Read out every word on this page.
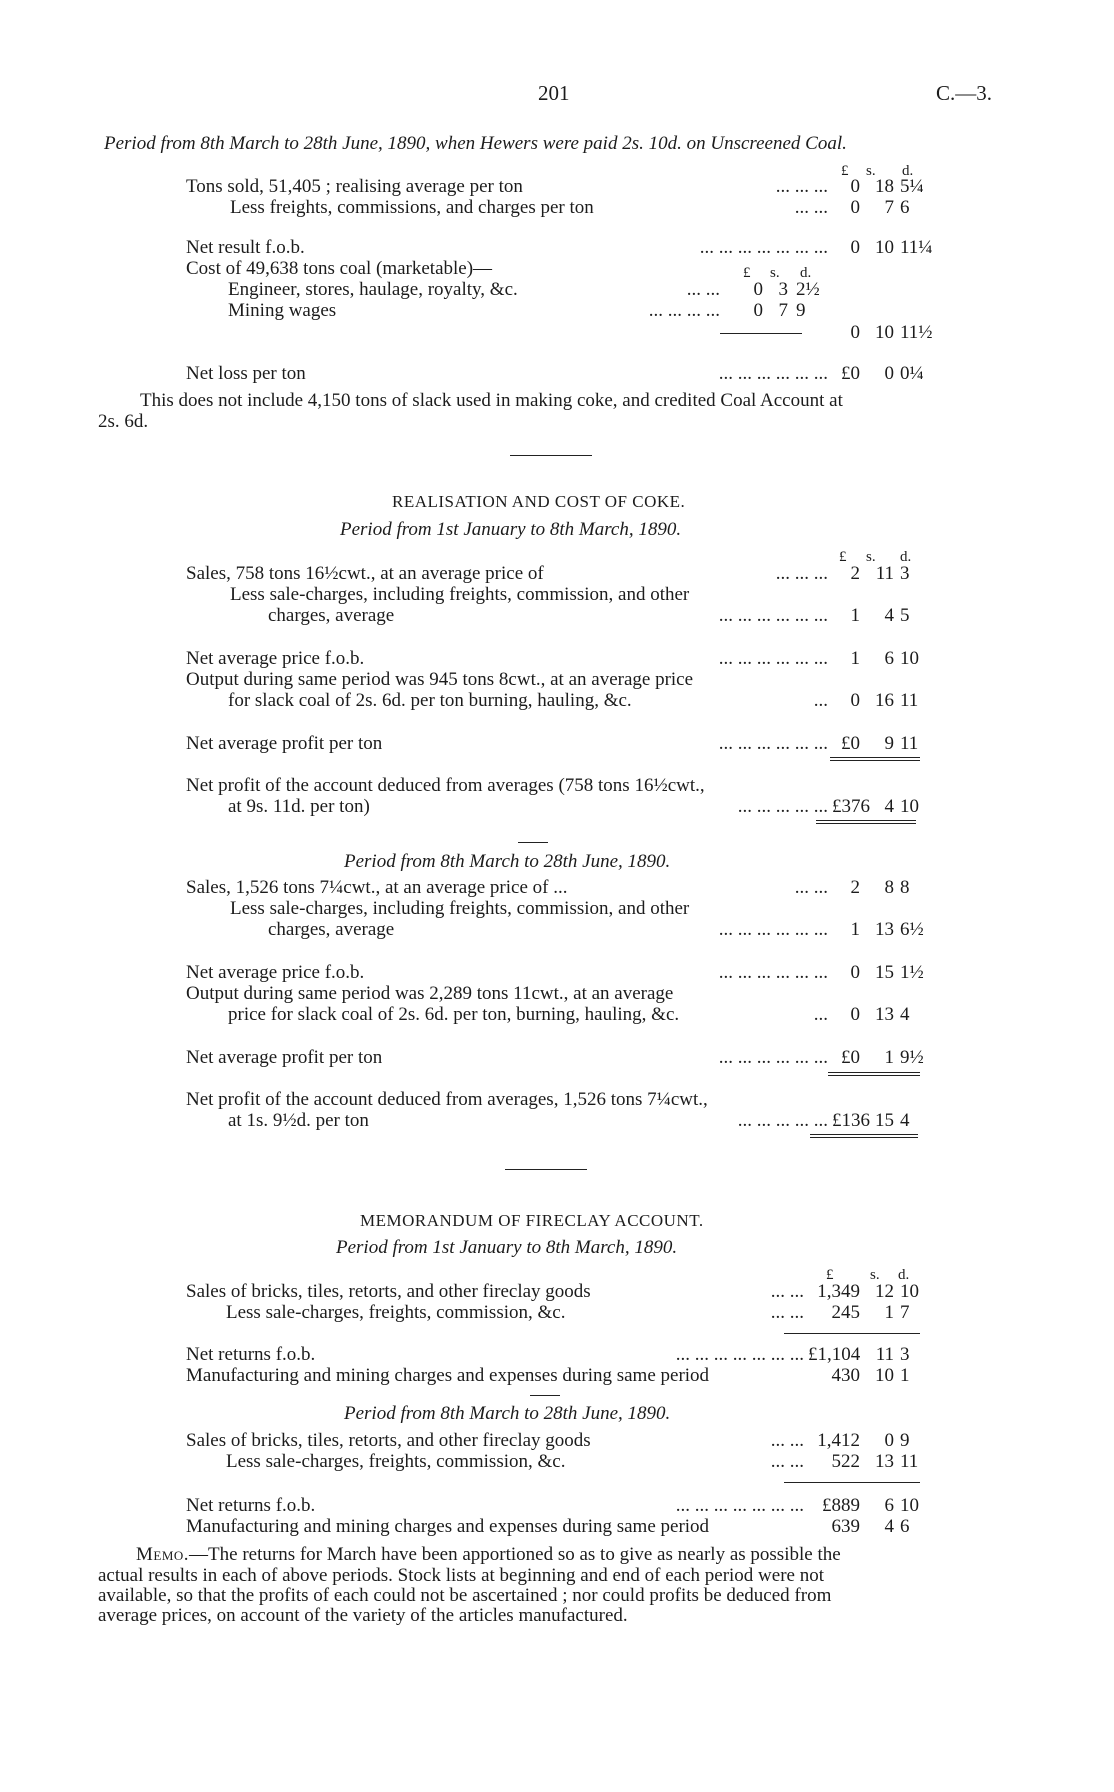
201	C.—3.
Period from 8th March to 28th June, 1890, when Hewers were paid 2s. 10d. on Unscreened Coal.
£ s. d.
Tons sold, 51,405 ; realising average per ton	... ... ...	0 18 5¼
Less freights, commissions, and charges per ton	... ...	0	7 6
Net result f.o.b.	... ... ... ... ... ... ...	0 10 11¼
Cost of 49,638 tons coal (marketable)—
Engineer, stores, haulage, royalty, &c.	... ...	0 3 2½
Mining wages	... ... ... ...	0 7 9
0 10 11½
Net loss per ton	... ... ... ... ... ... £0	0 0¼
£ s. d.
This does not include 4,150 tons of slack used in making coke, and credited Coal Account at
2s. 6d.
REALISATION AND COST OF COKE.
Period from 1st January to 8th March, 1890.
£ s. d.
Sales, 758 tons 16½cwt., at an average price of	... ... ...	2 11 3
Less sale-charges, including freights, commission, and other
charges, average	... ... ... ... ... ...	1	4 5
Net average price f.o.b.	... ... ... ... ... ...	1	6 10
Output during same period was 945 tons 8cwt., at an average price
for slack coal of 2s. 6d. per ton burning, hauling, &c.	...	0 16 11
Net average profit per ton	... ... ... ... ... ... £0	9 11
Net profit of the account deduced from averages (758 tons 16½cwt.,
at 9s. 11d. per ton)	... ... ... ... ... £376 4 10
Period from 8th March to 28th June, 1890.
Sales, 1,526 tons 7¼cwt., at an average price of ...	... ...	2	8 8
Less sale-charges, including freights, commission, and other
charges, average	... ... ... ... ... ...	1 13 6½
Net average price f.o.b.	... ... ... ... ... ...	0 15 1½
Output during same period was 2,289 tons 11cwt., at an average
price for slack coal of 2s. 6d. per ton, burning, hauling, &c.	...	0 13 4
Net average profit per ton	... ... ... ... ... ... £0	1 9½
Net profit of the account deduced from averages, 1,526 tons 7¼cwt.,
at 1s. 9½d. per ton	... ... ... ... ... £136 15 4
MEMORANDUM OF FIRECLAY ACCOUNT.
Period from 1st January to 8th March, 1890.
£ s. d.
Sales of bricks, tiles, retorts, and other fireclay goods	... ... 1,349 12 10
Less sale-charges, freights, commission, &c.	... ...	245	1 7
Net returns f.o.b.	... ... ... ... ... ... ... £1,104 11 3
Manufacturing and mining charges and expenses during same period	430 10 1
Period from 8th March to 28th June, 1890.
Sales of bricks, tiles, retorts, and other fireclay goods	... ... 1,412	0 9
Less sale-charges, freights, commission, &c.	... ...	522 13 11
Net returns f.o.b.	... ... ... ... ... ... ... £889	6 10
Manufacturing and mining charges and expenses during same period	639	4 6
Memo.—The returns for March have been apportioned so as to give as nearly as possible the
actual results in each of above periods. Stock lists at beginning and end of each period were not
available, so that the profits of each could not be ascertained ; nor could profits be deduced from
average prices, on account of the variety of the articles manufactured.
